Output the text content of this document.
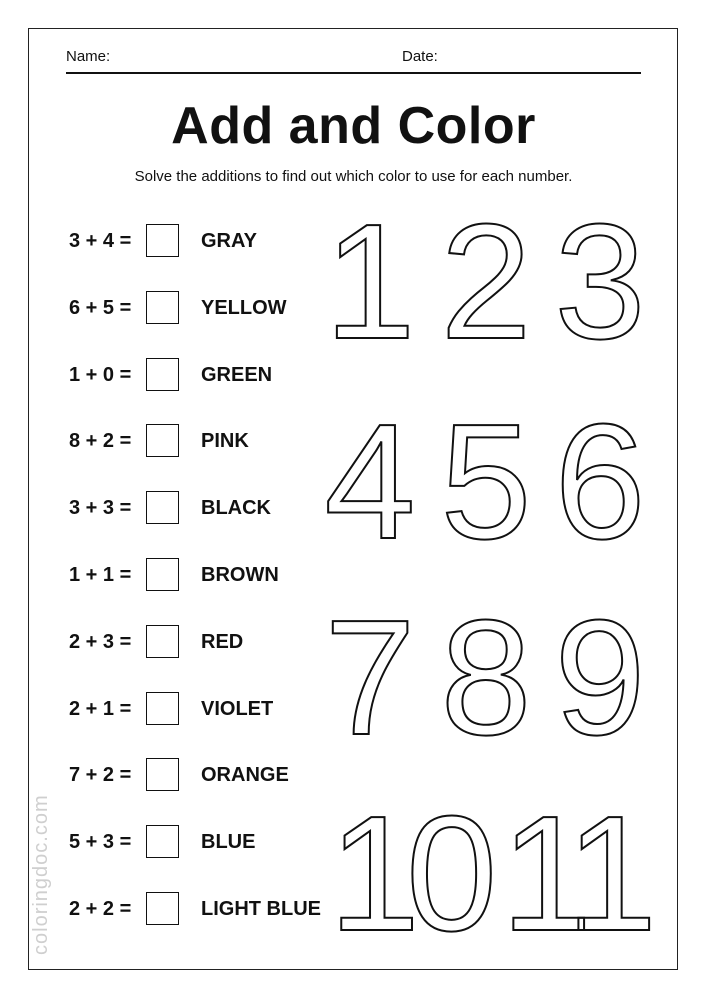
Name:	Date:
Add and Color
Solve the additions to find out which color to use for each number.
3 + 4 =	GRAY
6 + 5 =	YELLOW
1 + 0 =	GREEN
8 + 2 =	PINK
3 + 3 =	BLACK
1 + 1 =	BROWN
2 + 3 =	RED
2 + 1 =	VIOLET
7 + 2 =	ORANGE
5 + 3 =	BLUE
2 + 2 =	LIGHT BLUE
1 2 3
4 5 6
7 8 9
10 11
coloringdoc.com
